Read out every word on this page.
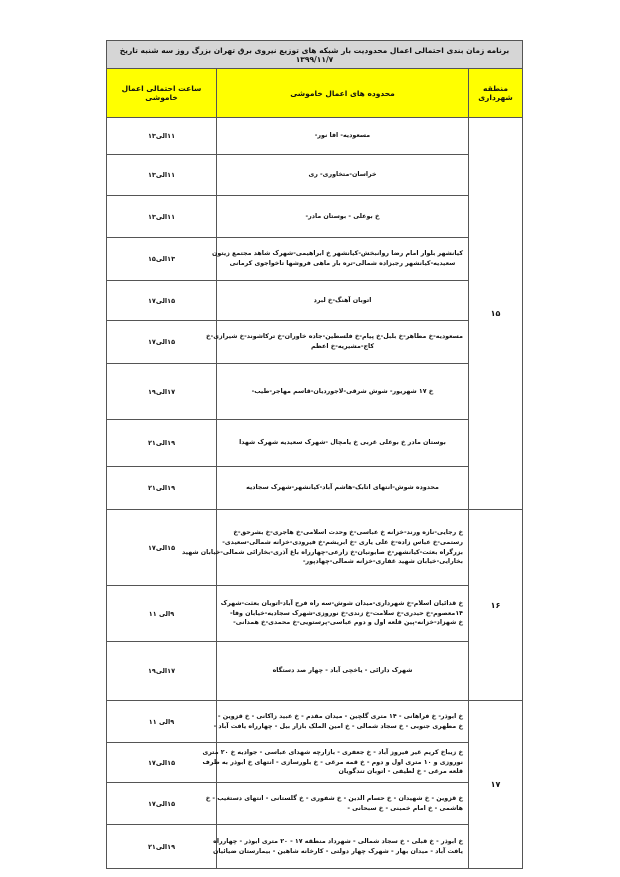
برنامه زمان بندی احتمالی اعمال محدودیت بار شبکه های توزیع نیروی برق تهران بزرگ روز سه شنبه تاریخ ۱۳۹۹/۱۱/۷		
منطقه شهرداری	محدوده های اعمال خاموشی	ساعت احتمالی اعمال خاموشی
۱۵	مسعودیه- افا نور-	۱۱الی۱۳

	خراسان-متخاوری- ری	۱۱الی۱۳

	خ بوعلی - بوستان مادر-	۱۱الی۱۳

	کیانشهر بلوار امام رضا روانبخش-کیانشهر خ ابراهیمی-شهرک شاهد مجتمع زیتون
سعیدیه-کیانشهر رجبزاده شمالی-تره بار ماهی فروشها تاخواجوی کرمانی	۱۳الی۱۵

	اتوبان آهنگ-خ لبرد	۱۵الی۱۷

	مسعودیه-خ مطاهر-خ بلبل-خ پیام-خ فلسطین-جاده خاوران-خ ترکاشوند-خ شیرازی-خ
کاج-مشیریه-خ اعظم	۱۵الی۱۷

	خ ۱۷ شهریور- شوش شرقی-لاجوردیان-قاسم مهاجر-طیب-	۱۷الی۱۹

	بوستان مادر خ بوعلی غربی خ یامچال -شهرک سعیدیه شهرک شهدا	۱۹الی۲۱

	محدوده شوش-انتهای اتابک-هاشم آباد-کیانشهر-شهرک سجادیه	۱۹الی۲۱
۱۶	خ رجایی-نازه ورند-خزانه خ عباسی-خ وحدت اسلامی-خ هاجری-خ بشرحق-خ
رستمی-خ عباس زاده-خ علی یاری -خ ابریشم-خ فیرودی-خزانه شمالی-سعیدی-
بزرگراه بعثت-کیانشهر-خ صابونیان-خ زارعی-چهارراه باغ آذری-بخارائی شمالی-خیابان شهید
بخارایی-خیابان شهید غفاری-خزانه شمالی-چهادپور-	۱۵الی۱۷

	خ قدائیان اسلام-خ شهرداری-میدان شوش-سه راه فرح آباد-اتوبان بعثت-شهرک
۱۴معصوم-خ حیدری-خ سلامت-خ زندی-خ نوروزی-شهرک سجادیه-خیابان وفا-
خ شهزاد-خزانه-پین قلعه اول و دوم عباسی-پرستویی-خ محمدی-خ همدانی-	۹الی ۱۱

	شهرک دارائی - یاخچی آباد - چهار صد دستگاه	۱۷الی۱۹
۱۷	خ ابوذر- خ فراهانی - ۱۴ متری گلچین - میدان مقدم - خ عبید زاکانی - خ قزوین -
خ مطهری جنوبی - خ سجاد شمالی - خ امین الملک بازار بیل - چهارراه یافت آباد -	۹الی ۱۱

	خ زیباخ کریم غیر فیروز آباد - خ جعفری - بازارچه شهدای عباسی - جواديه خ ۲۰ متری
نوروزی و ۱۰ متری اول و دوم - خ قمه مرغی - خ بلورسازی - انتهای خ ابوذر به طرف
قلعه مرغی - خ لطیفی - اتوبان تندگویان	۱۵الی۱۷

	خ قزوین - خ شهیدان - خ حسام الدین - خ شفوری - خ گلستانی - انتهای دستغیب - خ
هاشمی - خ امام خمینی - خ سبحانی -	۱۵الی۱۷

	خ ابوذر - خ قبلی - خ سجاد شمالی - شهرداد منطقه ۱۷ - ۲۰ متری ابوذر - چهارراه
یافت آباد - میدان بهار - شهرک چهار دولتی - کارخانه شاهین - بیمارستان ضیائیان	۱۹الی۲۱
